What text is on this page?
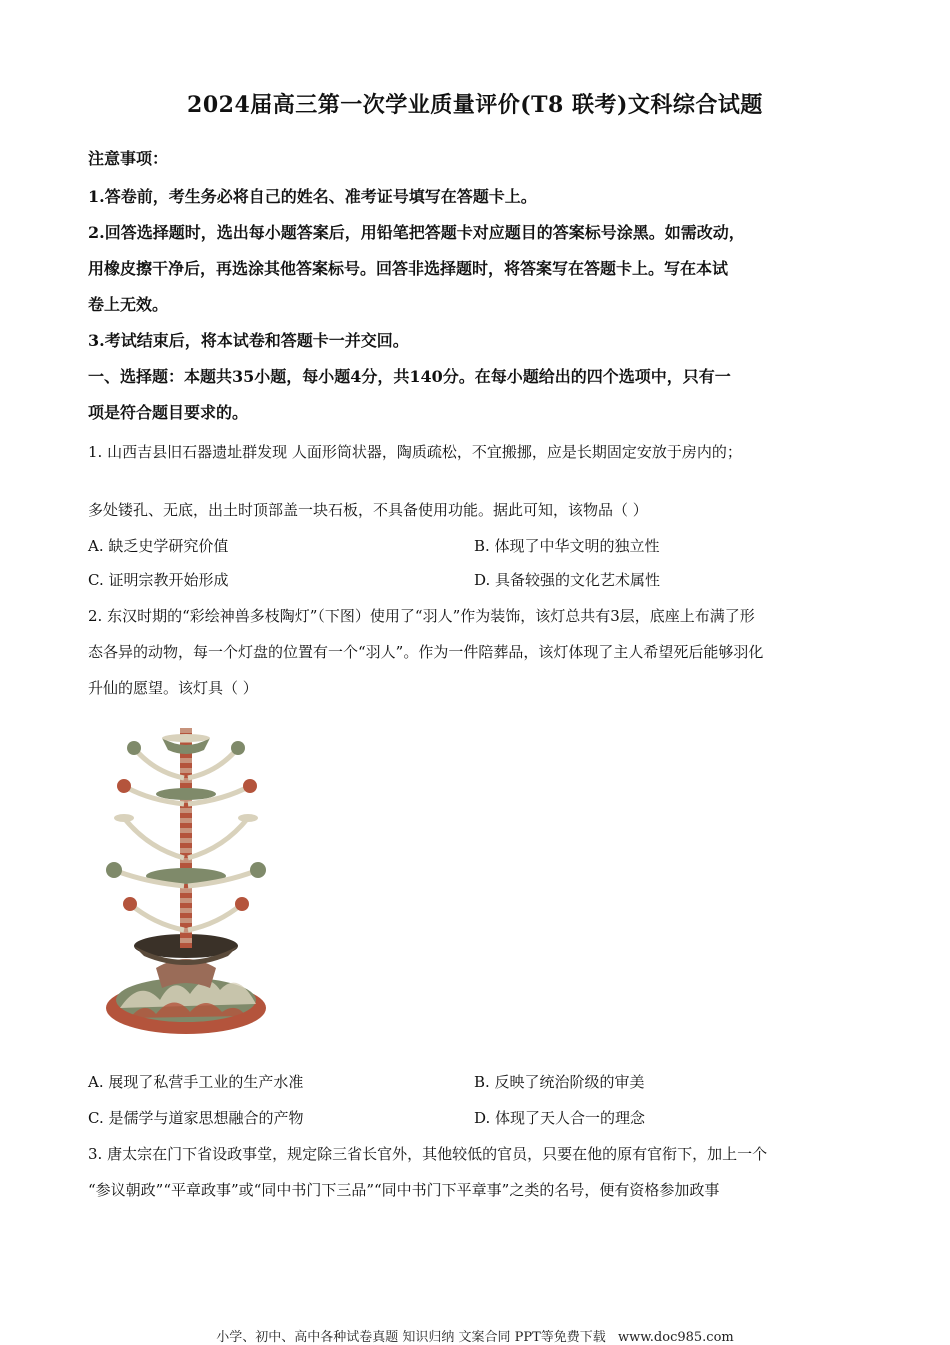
2024届高三第一次学业质量评价(T8 联考)文科综合试题
注意事项：
1.答卷前，考生务必将自己的姓名、准考证号填写在答题卡上。
2.回答选择题时，选出每小题答案后，用铅笔把答题卡对应题目的答案标号涂黑。如需改动，
用橡皮擦干净后，再选涂其他答案标号。回答非选择题时，将答案写在答题卡上。写在本试
卷上无效。
3.考试结束后，将本试卷和答题卡一并交回。
一、选择题：本题共35小题，每小题4分，共140分。在每小题给出的四个选项中，只有一
项是符合题目要求的。
1. 山西吉县旧石器遗址群发现 人面形筒状器，陶质疏松，不宜搬挪，应是长期固定安放于房内的；
多处镂孔、无底，出土时顶部盖一块石板，不具备使用功能。据此可知，该物品（ ）
A. 缺乏史学研究价值	B. 体现了中华文明的独立性
C. 证明宗教开始形成	D. 具备较强的文化艺术属性
2. 东汉时期的“彩绘神兽多枝陶灯”（下图）使用了“羽人”作为装饰，该灯总共有3层，底座上布满了形
态各异的动物，每一个灯盘的位置有一个“羽人”。作为一件陪葬品，该灯体现了主人希望死后能够羽化
升仙的愿望。该灯具（ ）
A. 展现了私营手工业的生产水准	B. 反映了统治阶级的审美
C. 是儒学与道家思想融合的产物	D. 体现了天人合一的理念
3. 唐太宗在门下省设政事堂，规定除三省长官外，其他较低的官员，只要在他的原有官衔下，加上一个
“参议朝政”“平章政事”或“同中书门下三品”“同中书门下平章事”之类的名号，便有资格参加政事
小学、初中、高中各种试卷真题 知识归纳 文案合同 PPT等免费下载 www.doc985.com
